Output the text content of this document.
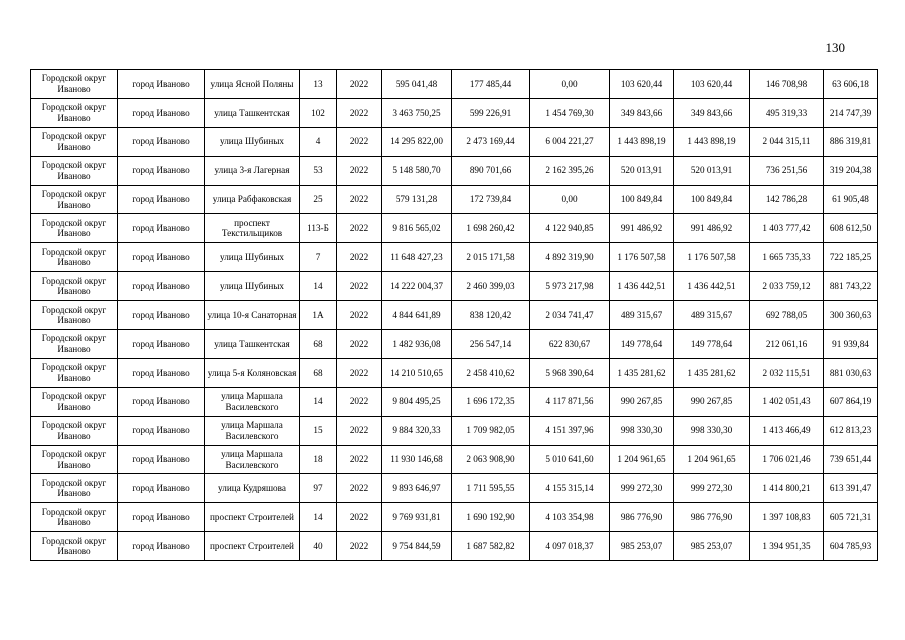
130
Городской округ Иваново	город Иваново	улица Ясной Поляны	13	2022	595 041,48	177 485,44	0,00	103 620,44	103 620,44	146 708,98	63 606,18
Городской округ Иваново	город Иваново	улица Ташкентская	102	2022	3 463 750,25	599 226,91	1 454 769,30	349 843,66	349 843,66	495 319,33	214 747,39
Городской округ Иваново	город Иваново	улица Шубиных	4	2022	14 295 822,00	2 473 169,44	6 004 221,27	1 443 898,19	1 443 898,19	2 044 315,11	886 319,81
Городской округ Иваново	город Иваново	улица 3-я Лагерная	53	2022	5 148 580,70	890 701,66	2 162 395,26	520 013,91	520 013,91	736 251,56	319 204,38
Городской округ Иваново	город Иваново	улица Рабфаковская	25	2022	579 131,28	172 739,84	0,00	100 849,84	100 849,84	142 786,28	61 905,48
Городской округ Иваново	город Иваново	проспект Текстильщиков	113-Б	2022	9 816 565,02	1 698 260,42	4 122 940,85	991 486,92	991 486,92	1 403 777,42	608 612,50
Городской округ Иваново	город Иваново	улица Шубиных	7	2022	11 648 427,23	2 015 171,58	4 892 319,90	1 176 507,58	1 176 507,58	1 665 735,33	722 185,25
Городской округ Иваново	город Иваново	улица Шубиных	14	2022	14 222 004,37	2 460 399,03	5 973 217,98	1 436 442,51	1 436 442,51	2 033 759,12	881 743,22
Городской округ Иваново	город Иваново	улица 10-я Санаторная	1А	2022	4 844 641,89	838 120,42	2 034 741,47	489 315,67	489 315,67	692 788,05	300 360,63
Городской округ Иваново	город Иваново	улица Ташкентская	68	2022	1 482 936,08	256 547,14	622 830,67	149 778,64	149 778,64	212 061,16	91 939,84
Городской округ Иваново	город Иваново	улица 5-я Коляновская	68	2022	14 210 510,65	2 458 410,62	5 968 390,64	1 435 281,62	1 435 281,62	2 032 115,51	881 030,63
Городской округ Иваново	город Иваново	улица Маршала Василевского	14	2022	9 804 495,25	1 696 172,35	4 117 871,56	990 267,85	990 267,85	1 402 051,43	607 864,19
Городской округ Иваново	город Иваново	улица Маршала Василевского	15	2022	9 884 320,33	1 709 982,05	4 151 397,96	998 330,30	998 330,30	1 413 466,49	612 813,23
Городской округ Иваново	город Иваново	улица Маршала Василевского	18	2022	11 930 146,68	2 063 908,90	5 010 641,60	1 204 961,65	1 204 961,65	1 706 021,46	739 651,44
Городской округ Иваново	город Иваново	улица Кудряшова	97	2022	9 893 646,97	1 711 595,55	4 155 315,14	999 272,30	999 272,30	1 414 800,21	613 391,47
Городской округ Иваново	город Иваново	проспект Строителей	14	2022	9 769 931,81	1 690 192,90	4 103 354,98	986 776,90	986 776,90	1 397 108,83	605 721,31
Городской округ Иваново	город Иваново	проспект Строителей	40	2022	9 754 844,59	1 687 582,82	4 097 018,37	985 253,07	985 253,07	1 394 951,35	604 785,93
